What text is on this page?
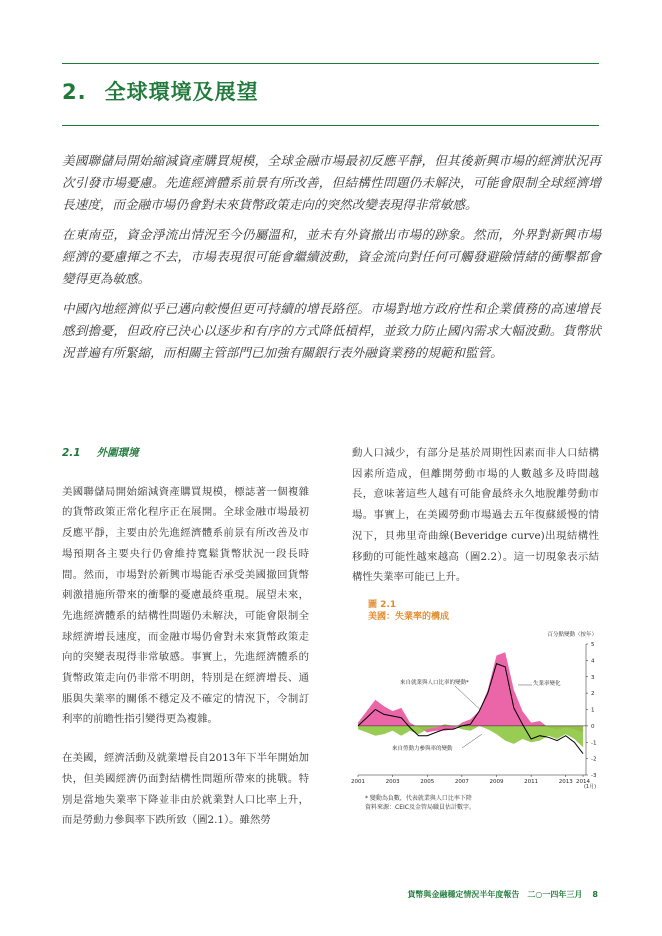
2. 全球環境及展望

美國聯儲局開始縮減資產購買規模，全球金融市場最初反應平靜，但其後新興市場的經濟狀況再次引發市場憂慮。先進經濟體系前景有所改善，但結構性問題仍未解決，可能會限制全球經濟增長速度，而金融市場仍會對未來貨幣政策走向的突然改變表現得非常敏感。

在東南亞，資金淨流出情況至今仍屬溫和，並未有外資撤出市場的跡象。然而，外界對新興市場經濟的憂慮揮之不去，市場表現很可能會繼續波動，資金流向對任何可觸發避險情緒的衝擊都會變得更為敏感。

中國內地經濟似乎已邁向較慢但更可持續的增長路徑。市場對地方政府性和企業債務的高速增長感到擔憂，但政府已決心以逐步和有序的方式降低槓桿，並致力防止國內需求大幅波動。貨幣狀況普遍有所緊縮，而相關主管部門已加強有關銀行表外融資業務的規範和監管。

2.1 外圍環境

美國聯儲局開始縮減資產購買規模，標誌著一個複雜的貨幣政策正常化程序正在展開。全球金融市場最初反應平靜，主要由於先進經濟體系前景有所改善及市場預期各主要央行仍會維持寬鬆貨幣狀況一段長時間。然而，市場對於新興市場能否承受美國撤回貨幣刺激措施所帶來的衝擊的憂慮最終重現。展望未來，先進經濟體系的結構性問題仍未解決，可能會限制全球經濟增長速度，而金融市場仍會對未來貨幣政策走向的突變表現得非常敏感。事實上，先進經濟體系的貨幣政策走向仍非常不明朗，特別是在經濟增長、通脹與失業率的關係不穩定及不確定的情況下，令制訂利率的前瞻性指引變得更為複雜。

在美國，經濟活動及就業增長自2013年下半年開始加快，但美國經濟仍面對結構性問題所帶來的挑戰。特別是當地失業率下降並非由於就業對人口比率上升，而是勞動力參與率下跌所致（圖2.1）。雖然勞

動人口減少，有部分是基於周期性因素而非人口結構因素所造成，但離開勞動市場的人數越多及時間越長，意味著這些人越有可能會最終永久地脫離勞動市場。事實上，在美國勞動市場過去五年復蘇緩慢的情況下，貝弗里奇曲線(Beveridge curve)出現結構性移動的可能性越來越高（圖2.2）。這一切現象表示結構性失業率可能已上升。

圖 2.1
美國：失業率的構成
百分點變動（按年）
-3
-2
-1
0
1
2
3
4
5
2001	2003	2005	2007	2009	2011	2013 2014
來自就業與人口比率的變動*	失業率變化
來自勞動力參與率的變動
(1月)
* 變動為負數，代表就業與人口比率下降
資料來源：CEIC及金管局職員估計數字。
貨幣與金融穩定情況半年度報告　二○一四年三月 8
